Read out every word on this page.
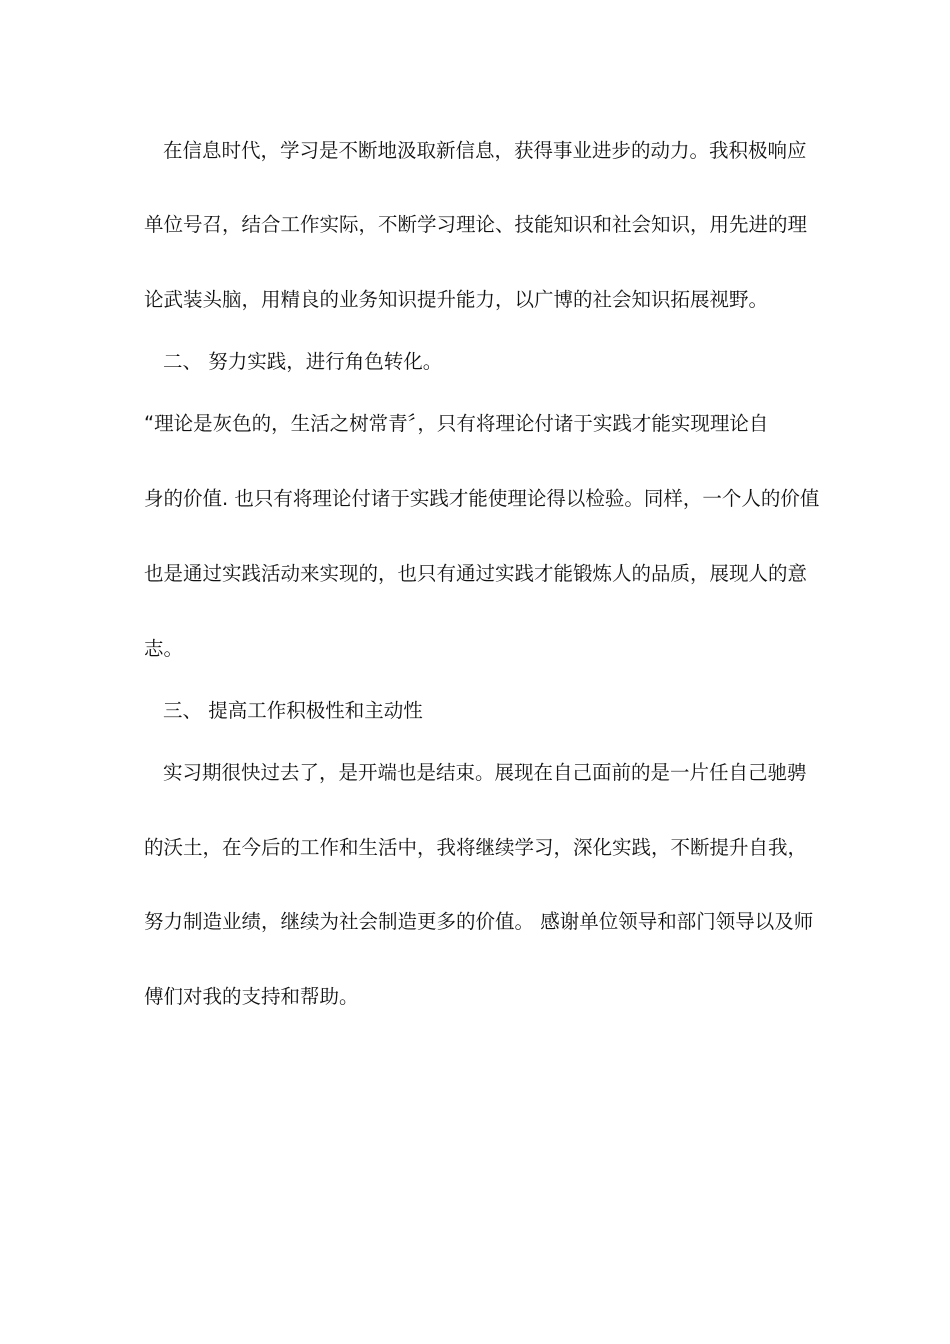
在信息时代，学习是不断地汲取新信息，获得事业进步的动力。我积极响应
单位号召，结合工作实际，不断学习理论、技能知识和社会知识，用先进的理
论武装头脑，用精良的业务知识提升能力，以广博的社会知识拓展视野。
二、 努力实践，进行角色转化。
“理论是灰色的，生活之树常青〞，只有将理论付诸于实践才能实现理论自
身的价值. 也只有将理论付诸于实践才能使理论得以检验。同样，一个人的价值
也是通过实践活动来实现的，也只有通过实践才能锻炼人的品质，展现人的意
志。
三、 提高工作积极性和主动性
实习期很快过去了，是开端也是结束。展现在自己面前的是一片任自己驰骋
的沃土，在今后的工作和生活中，我将继续学习，深化实践，不断提升自我，
努力制造业绩，继续为社会制造更多的价值。 感谢单位领导和部门领导以及师
傅们对我的支持和帮助。
